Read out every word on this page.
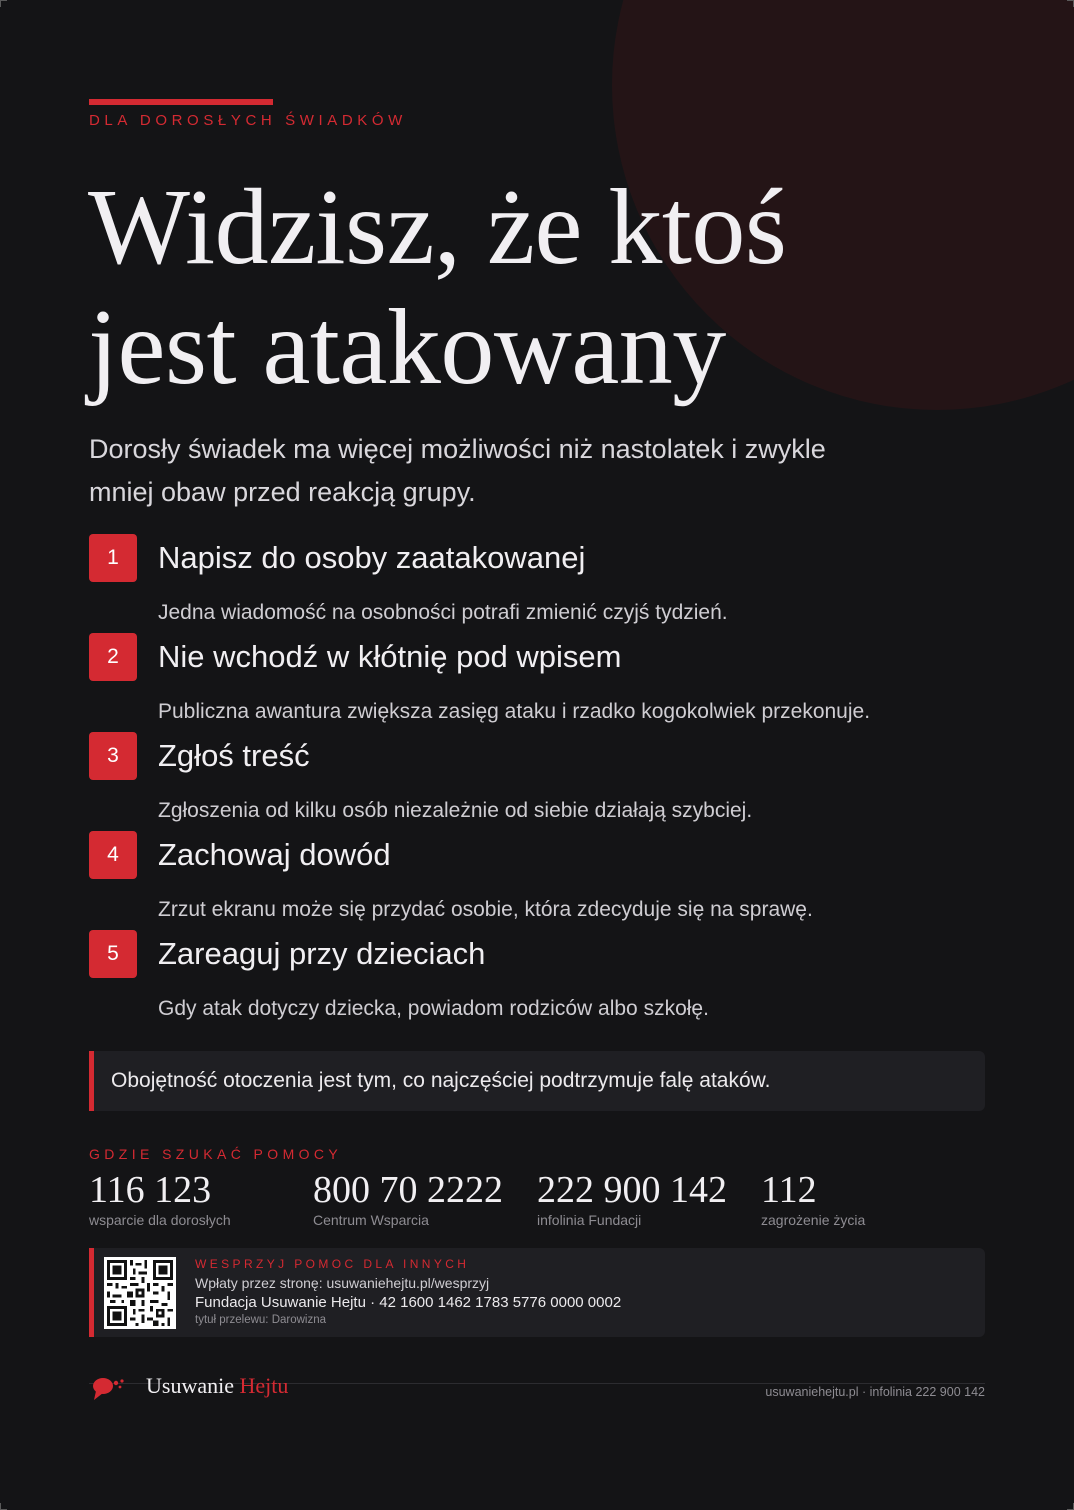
DLA DOROSŁYCH ŚWIADKÓW
Widzisz, że ktoś
jest atakowany
Dorosły świadek ma więcej możliwości niż nastolatek i zwykle mniej obaw przed reakcją grupy.
1	Napisz do osoby zaatakowanej
Jedna wiadomość na osobności potrafi zmienić czyjś tydzień.
2	Nie wchodź w kłótnię pod wpisem
Publiczna awantura zwiększa zasięg ataku i rzadko kogokolwiek przekonuje.
3	Zgłoś treść
Zgłoszenia od kilku osób niezależnie od siebie działają szybciej.
4	Zachowaj dowód
Zrzut ekranu może się przydać osobie, która zdecyduje się na sprawę.
5	Zareaguj przy dzieciach
Gdy atak dotyczy dziecka, powiadom rodziców albo szkołę.
Obojętność otoczenia jest tym, co najczęściej podtrzymuje falę ataków.
GDZIE SZUKAĆ POMOCY
116 123
wsparcie dla dorosłych
800 70 2222
Centrum Wsparcia
222 900 142
infolinia Fundacji
112
zagrożenie życia
WESPRZYJ POMOC DLA INNYCH
Wpłaty przez stronę: usuwaniehejtu.pl/wesprzyj
Fundacja Usuwanie Hejtu · 42 1600 1462 1783 5776 0000 0002
tytuł przelewu: Darowizna
Usuwanie Hejtu	usuwaniehejtu.pl · infolinia 222 900 142
